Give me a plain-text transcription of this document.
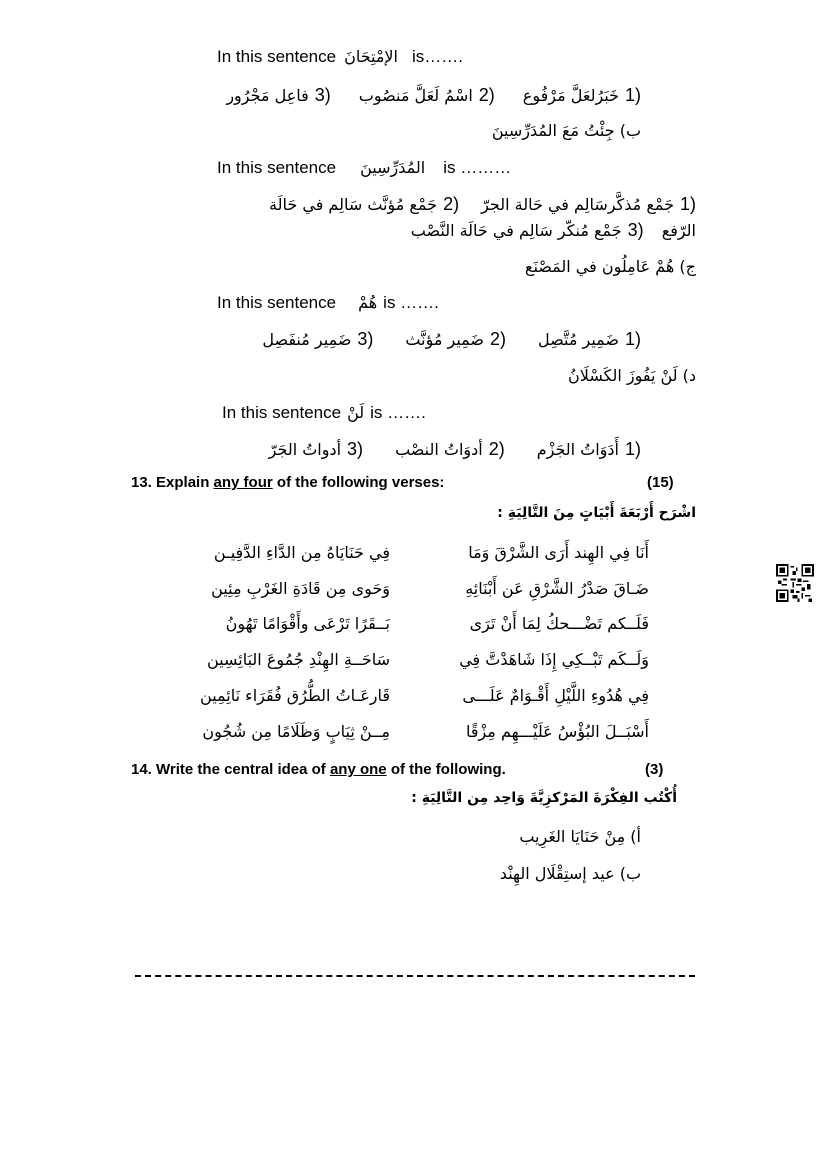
In this sentence الإمْتِحَانَ is…….
خَبَرُلعَلَّ مَرْفُوع 1)
اسْمُ لَعَلَّ مَنصُوب 2)
فاعِل مَجْرُور 3)
ب) جِئْتُ مَعَ المُدَرِّسِينَ
In this sentence المُدَرِّسِينَ is ………
جَمْع مُذكَّرسَالِم في حَالة الجرّ 1)
جَمْع مُؤنَّث سَالِم في حَالَة 2)
الرّفع
جَمْع مُنكّر سَالِم في حَالَة النَّصْب 3)
ج) هُمْ عَامِلُون في المَصْنَع
In this sentence هُمْ is …….
ضَمِير مُتَّصِل 1)
ضَمِير مُؤنَّث 2)
ضَمِير مُنفَصِل 3)
د) لَنْ يَفُوزَ الكَسْلَانُ
In this sentence لَنْ is …….
أَدَوَاتُ الجَزْم 1)
أدوَاتُ النصْب 2)
أدواتُ الجَرّ 3)
13. Explain any four of the following verses:	(15)
اشْرَح أَرْبَعَةَ أَبْيَاتٍ مِنَ التَّالِيَةِ :
أَنَا فِي الهِند أَرَى الشَّرْقَ وَمَا
فِي حَنَايَاهُ مِن الدَّاءِ الدَّفِيـن
ضَـاقَ صَدْرُ الشَّرْقِ عَن أَبْنَائِهِ
وَحَوى مِن قَادَةِ الغَرْبِ مِئِين
فَلَــكم تَضْـــحكُ لِمَا أَنْ تَرَى
بَــقَرًا تَرْعَى وأَقْوَامًا تَهُونُ
وَلَــكَم تَبْــكِي إِذَا شَاهَدْتَّ فِي
سَاحَــةِ الهِنْدِ جُمُوعَ البَائِسِين
فِي هُدُوءِ اللَّيْلِ أَقْـوَامٌ عَلَـــى
قَارعَـاتُ الطُّرُق فُقَرَاء نَائِمِين
أَسْبَــلَ البُؤْسُ عَلَيْـــهِم مِزْقًا
مِــنْ ثِيَابٍ وَظَلَامًا مِن شُجُون
14. Write the central idea of any one of the following.	(3)
أُكْتُب الفِكْرَةَ المَرْكزِيَّةَ وَاحِد مِن التَّالِيَةِ :
أ) مِنْ حَنَايَا الغَرِيب
ب) عيد إستِقْلَال الهِنْد
